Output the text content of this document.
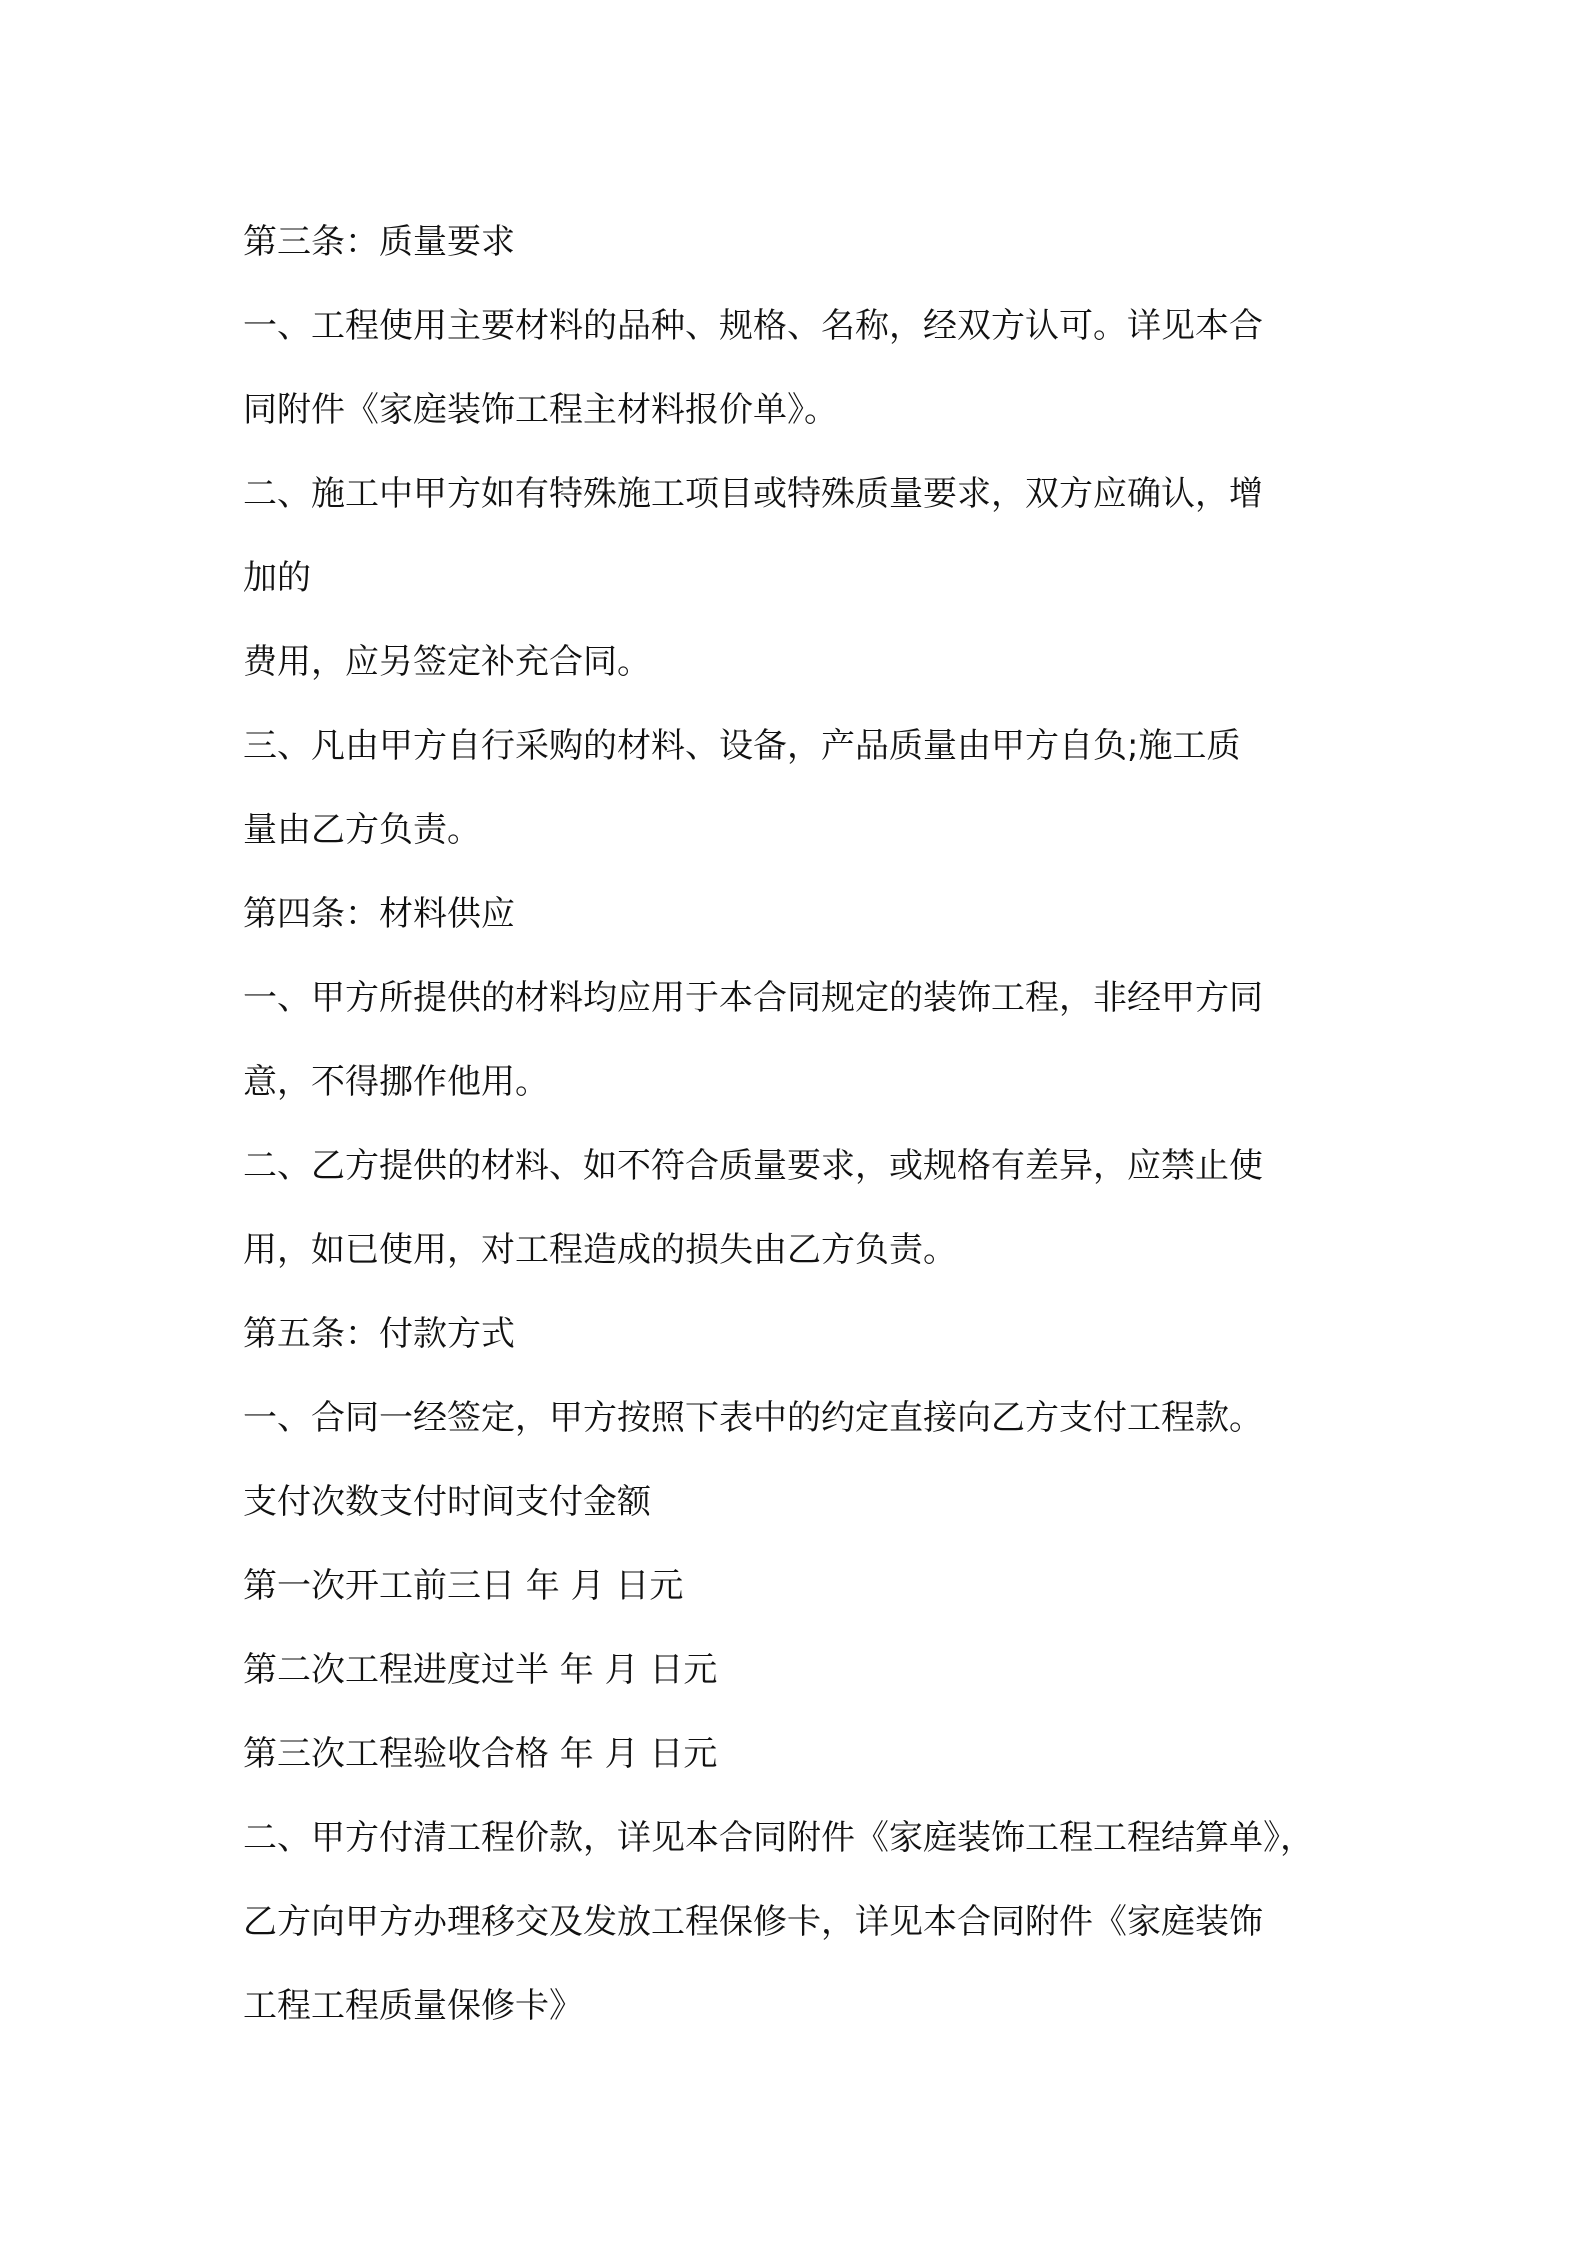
第三条：质量要求
一、工程使用主要材料的品种、规格、名称，经双方认可。详见本合
同附件《家庭装饰工程主材料报价单》。
二、施工中甲方如有特殊施工项目或特殊质量要求，双方应确认，增
加的
费用，应另签定补充合同。
三、凡由甲方自行采购的材料、设备，产品质量由甲方自负;施工质
量由乙方负责。
第四条：材料供应
一、甲方所提供的材料均应用于本合同规定的装饰工程，非经甲方同
意，不得挪作他用。
二、乙方提供的材料、如不符合质量要求，或规格有差异，应禁止使
用，如已使用，对工程造成的损失由乙方负责。
第五条：付款方式
一、合同一经签定，甲方按照下表中的约定直接向乙方支付工程款。
支付次数支付时间支付金额
第一次开工前三日 年 月 日元
第二次工程进度过半 年 月 日元
第三次工程验收合格 年 月 日元
二、甲方付清工程价款，详见本合同附件《家庭装饰工程工程结算单》，
乙方向甲方办理移交及发放工程保修卡，详见本合同附件《家庭装饰
工程工程质量保修卡》
